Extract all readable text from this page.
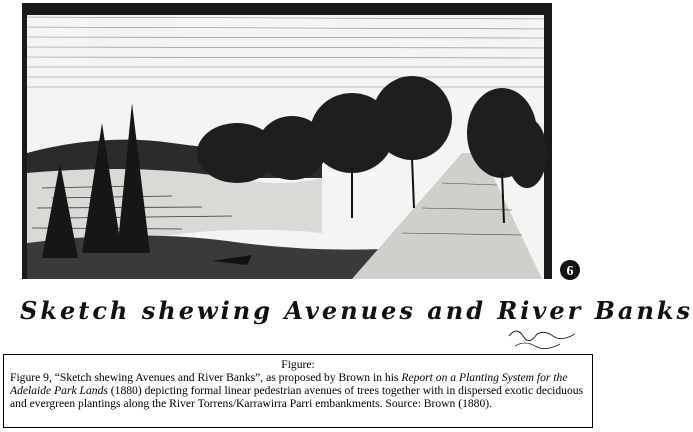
6
Sketch shewing Avenues and River Banks
Figure:
Figure 9, “Sketch shewing Avenues and River Banks”, as proposed by Brown in his Report on a Planting System for the Adelaide Park Lands (1880) depicting formal linear pedestrian avenues of trees together with in dispersed exotic deciduous and evergreen plantings along the River Torrens/Karrawirra Parri embankments. Source: Brown (1880).
